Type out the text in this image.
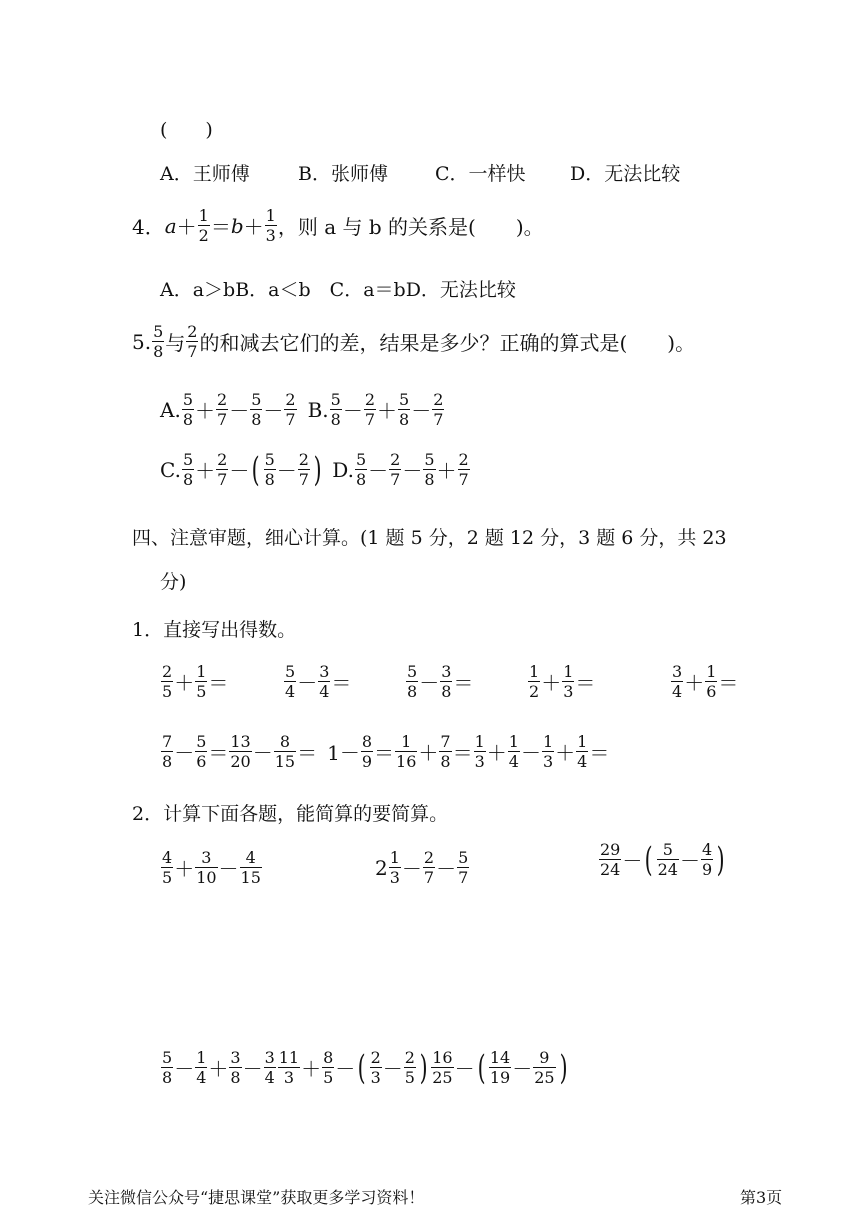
(　　)
A．王师傅	B．张师傅 C．一样快 D．无法比较
4．$a+ \frac{1}{2} =b+ \frac{1}{3}$ ，则 a 与 b 的关系是(　　)。
A．a＞bB．a＜b　C．a＝bD．无法比较
5. $\frac{5}{8}$ 与 $\frac{2}{7}$ 的和减去它们的差，结果是多少？正确的算式是(　　)。
A. $\frac{5}{8} + \frac{2}{7} - \frac{5}{8} - \frac{2}{7} B$. $\frac{5}{8} - \frac{2}{7} + \frac{5}{8} - \frac{2}{7}$
C. $\frac{5}{8} + \frac{2}{7}$ －( $\frac{5}{8} - \frac{2}{7}$ ) D. $\frac{5}{8} - \frac{2}{7} - \frac{5}{8} + \frac{2}{7}$
四、注意审题，细心计算。(1 题 5 分，2 题 12 分，3 题 6 分，共 23
分)
1．直接写出得数。
$\frac{2}{5} + \frac{1}{5}$ ＝	$\frac{5}{4} - \frac{3}{4}$ ＝	$\frac{5}{8} - \frac{3}{8}$ ＝	$\frac{1}{2} + \frac{1}{3}$ ＝	$\frac{3}{4} + \frac{1}{6}$ ＝
$\frac{7}{8} - \frac{5}{6} = \frac{13}{20} - \frac{8}{15} = 1- \frac{8}{9} = \frac{1}{16} + \frac{7}{8} = \frac{1}{3} + \frac{1}{4} - \frac{1}{3} + \frac{1}{4}$ ＝
2．计算下面各题，能简算的要简算。
$\frac{4}{5} + \frac{3}{10} - \frac{4}{15}$	$2 \frac{1}{3} - \frac{2}{7} - \frac{5}{7}$	$\frac{29}{24}$ －( $\frac{5}{24} - \frac{4}{9}$ )
$\frac{5}{8} - \frac{1}{4} + \frac{3}{8} - \frac{3}{4} \frac{11}{3} + \frac{8}{5}$ －( $\frac{2}{3} - \frac{2}{5}$ ) $\frac{16}{25}$ －( $\frac{14}{19} - \frac{9}{25}$ )
关注微信公众号“捷思课堂”获取更多学习资料！	第3页
